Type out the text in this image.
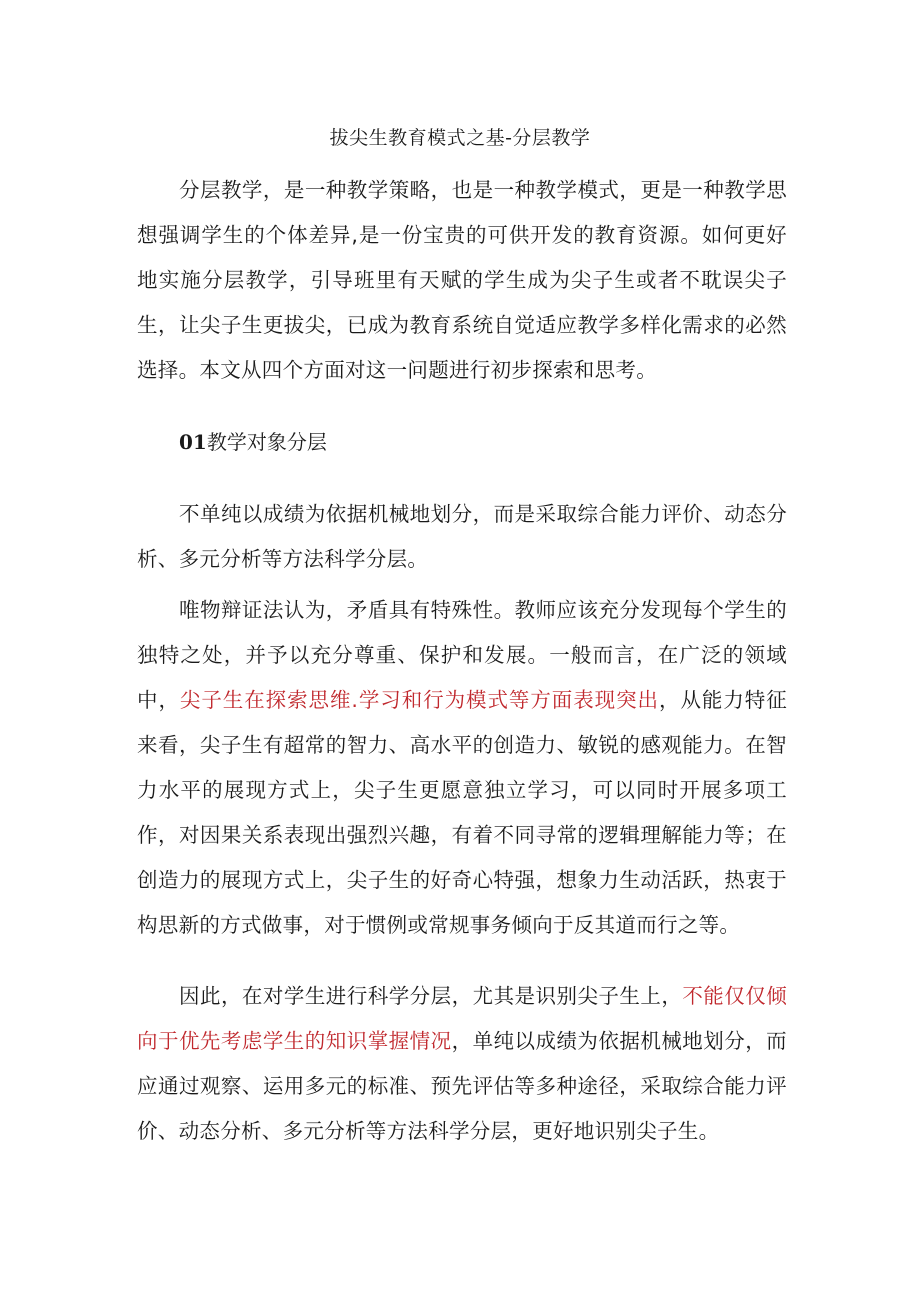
拔尖生教育模式之基-分层教学

分层教学，是一种教学策略，也是一种教学模式，更是一种教学思想强调学生的个体差异,是一份宝贵的可供开发的教育资源。如何更好地实施分层教学，引导班里有天赋的学生成为尖子生或者不耽误尖子生，让尖子生更拔尖，已成为教育系统自觉适应教学多样化需求的必然选择。本文从四个方面对这一问题进行初步探索和思考。

01教学对象分层

不单纯以成绩为依据机械地划分，而是采取综合能力评价、动态分析、多元分析等方法科学分层。

唯物辩证法认为，矛盾具有特殊性。教师应该充分发现每个学生的独特之处，并予以充分尊重、保护和发展。一般而言，在广泛的领域中，尖子生在探索思维.学习和行为模式等方面表现突出，从能力特征来看，尖子生有超常的智力、高水平的创造力、敏锐的感观能力。在智力水平的展现方式上，尖子生更愿意独立学习，可以同时开展多项工作，对因果关系表现出强烈兴趣，有着不同寻常的逻辑理解能力等；在创造力的展现方式上，尖子生的好奇心特强，想象力生动活跃，热衷于构思新的方式做事，对于惯例或常规事务倾向于反其道而行之等。

因此，在对学生进行科学分层，尤其是识别尖子生上，不能仅仅倾向于优先考虑学生的知识掌握情况，单纯以成绩为依据机械地划分，而应通过观察、运用多元的标准、预先评估等多种途径，采取综合能力评价、动态分析、多元分析等方法科学分层，更好地识别尖子生。
